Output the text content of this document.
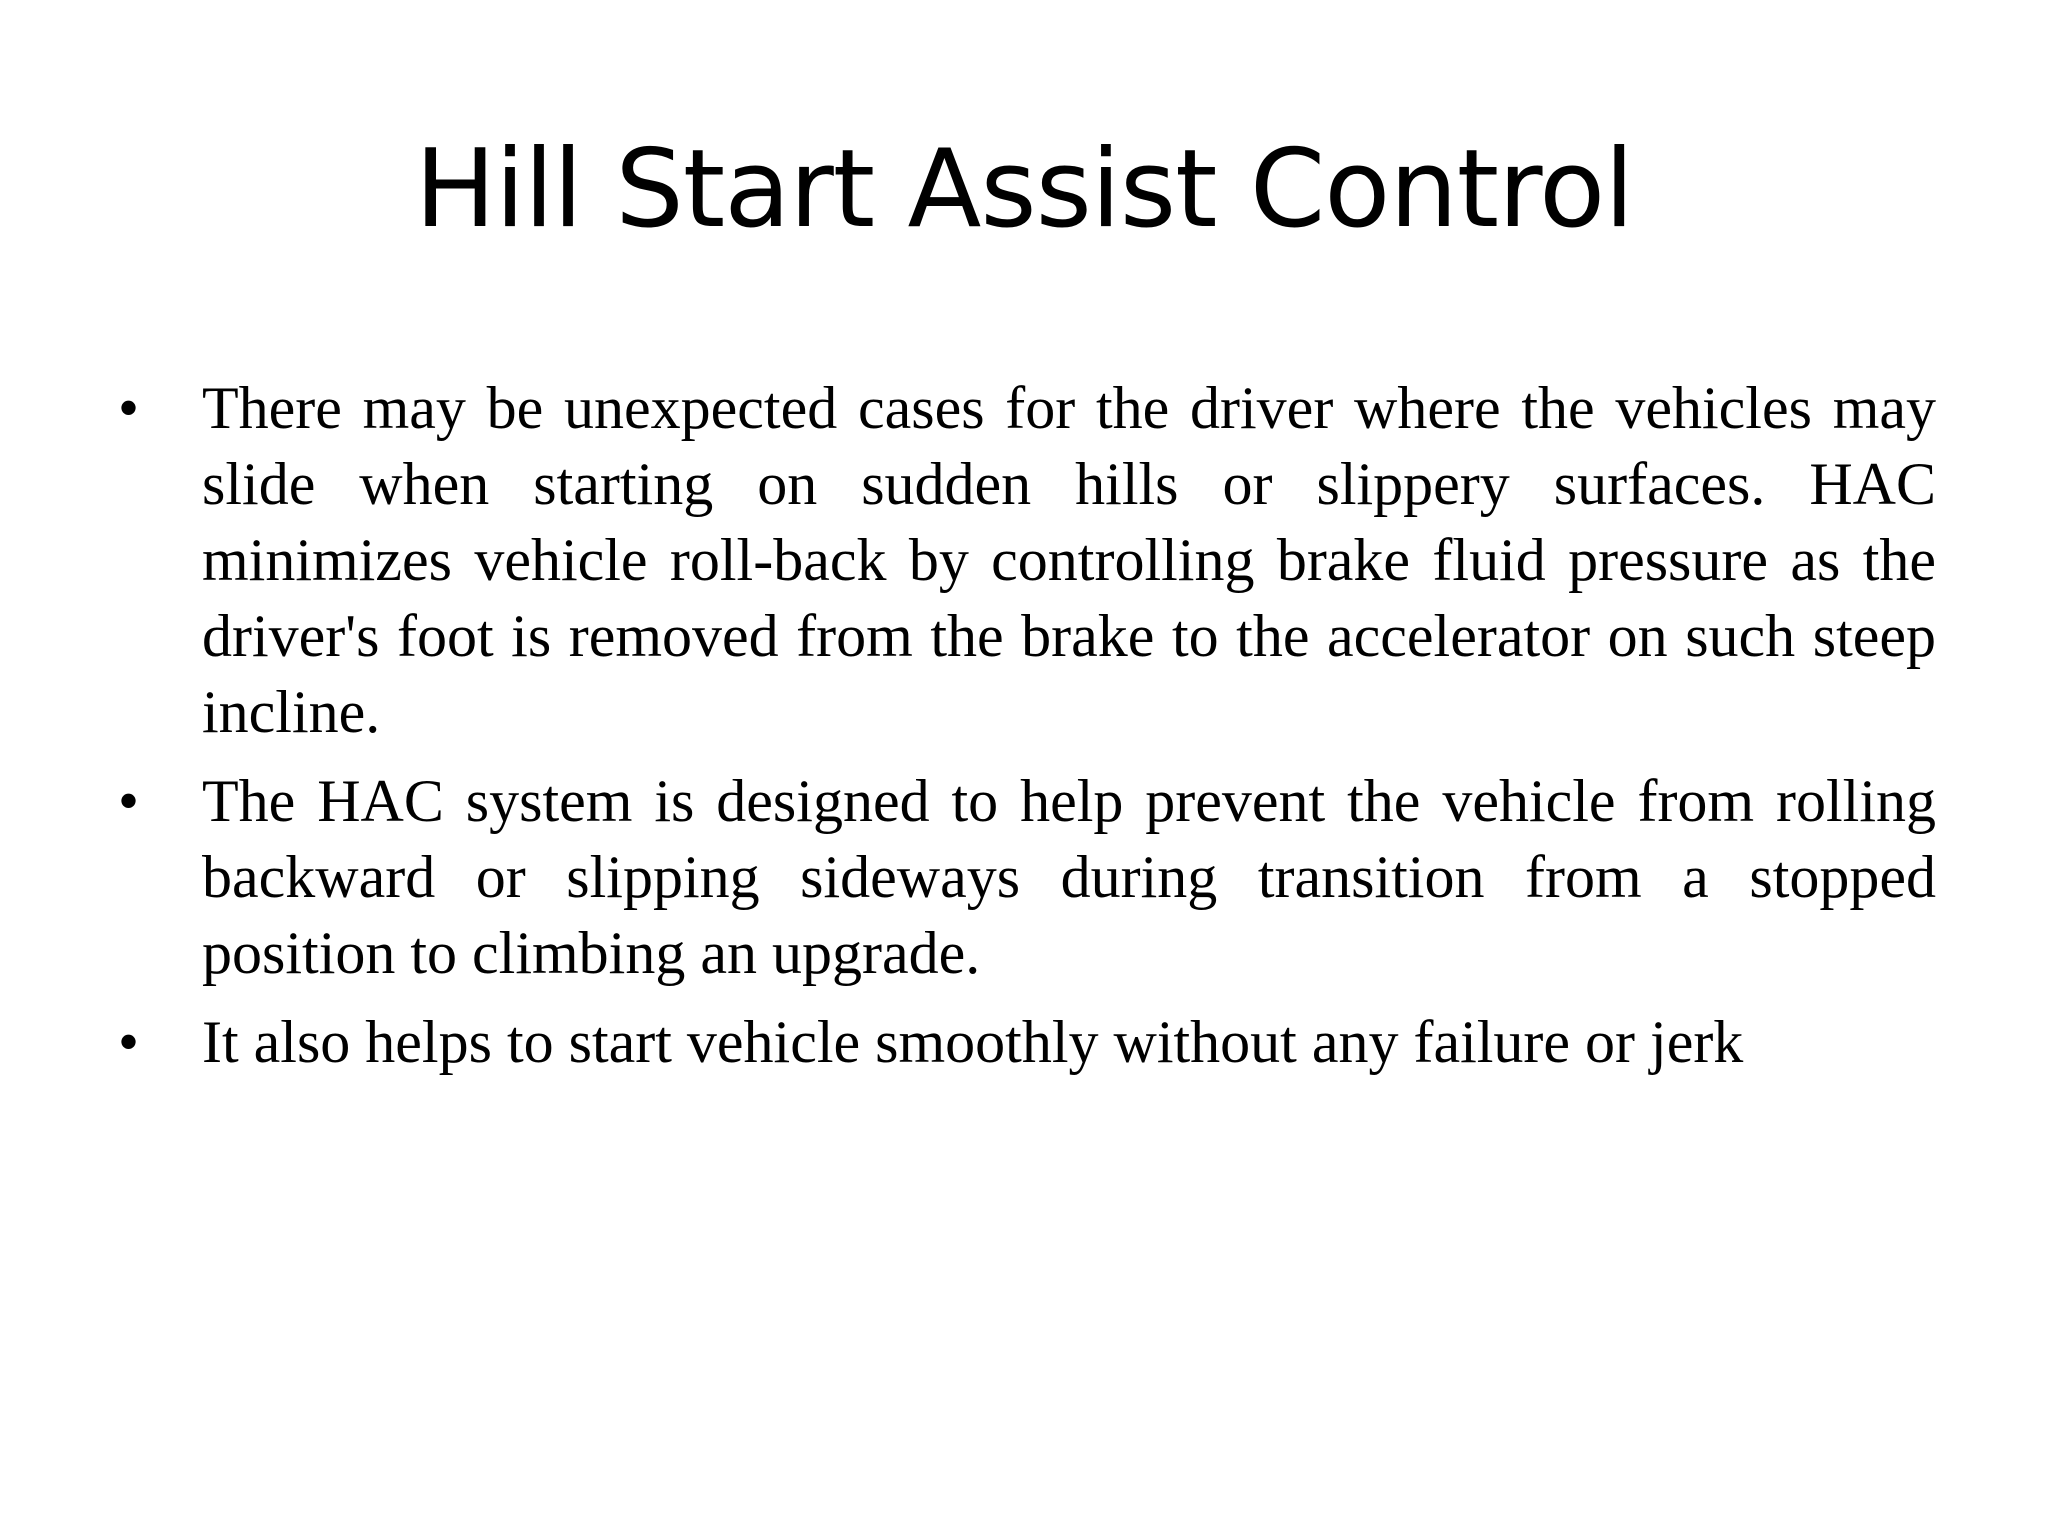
Hill Start Assist Control
•	There may be unexpected cases for the driver where the vehicles may slide when starting on sudden hills or slippery surfaces. HAC minimizes vehicle roll-back by controlling brake fluid pressure as the driver's foot is removed from the brake to the accelerator on such steep incline.
•	The HAC system is designed to help prevent the vehicle from rolling backward or slipping sideways during transition from a stopped position to climbing an upgrade.
•	It also helps to start vehicle smoothly without any failure or jerk
